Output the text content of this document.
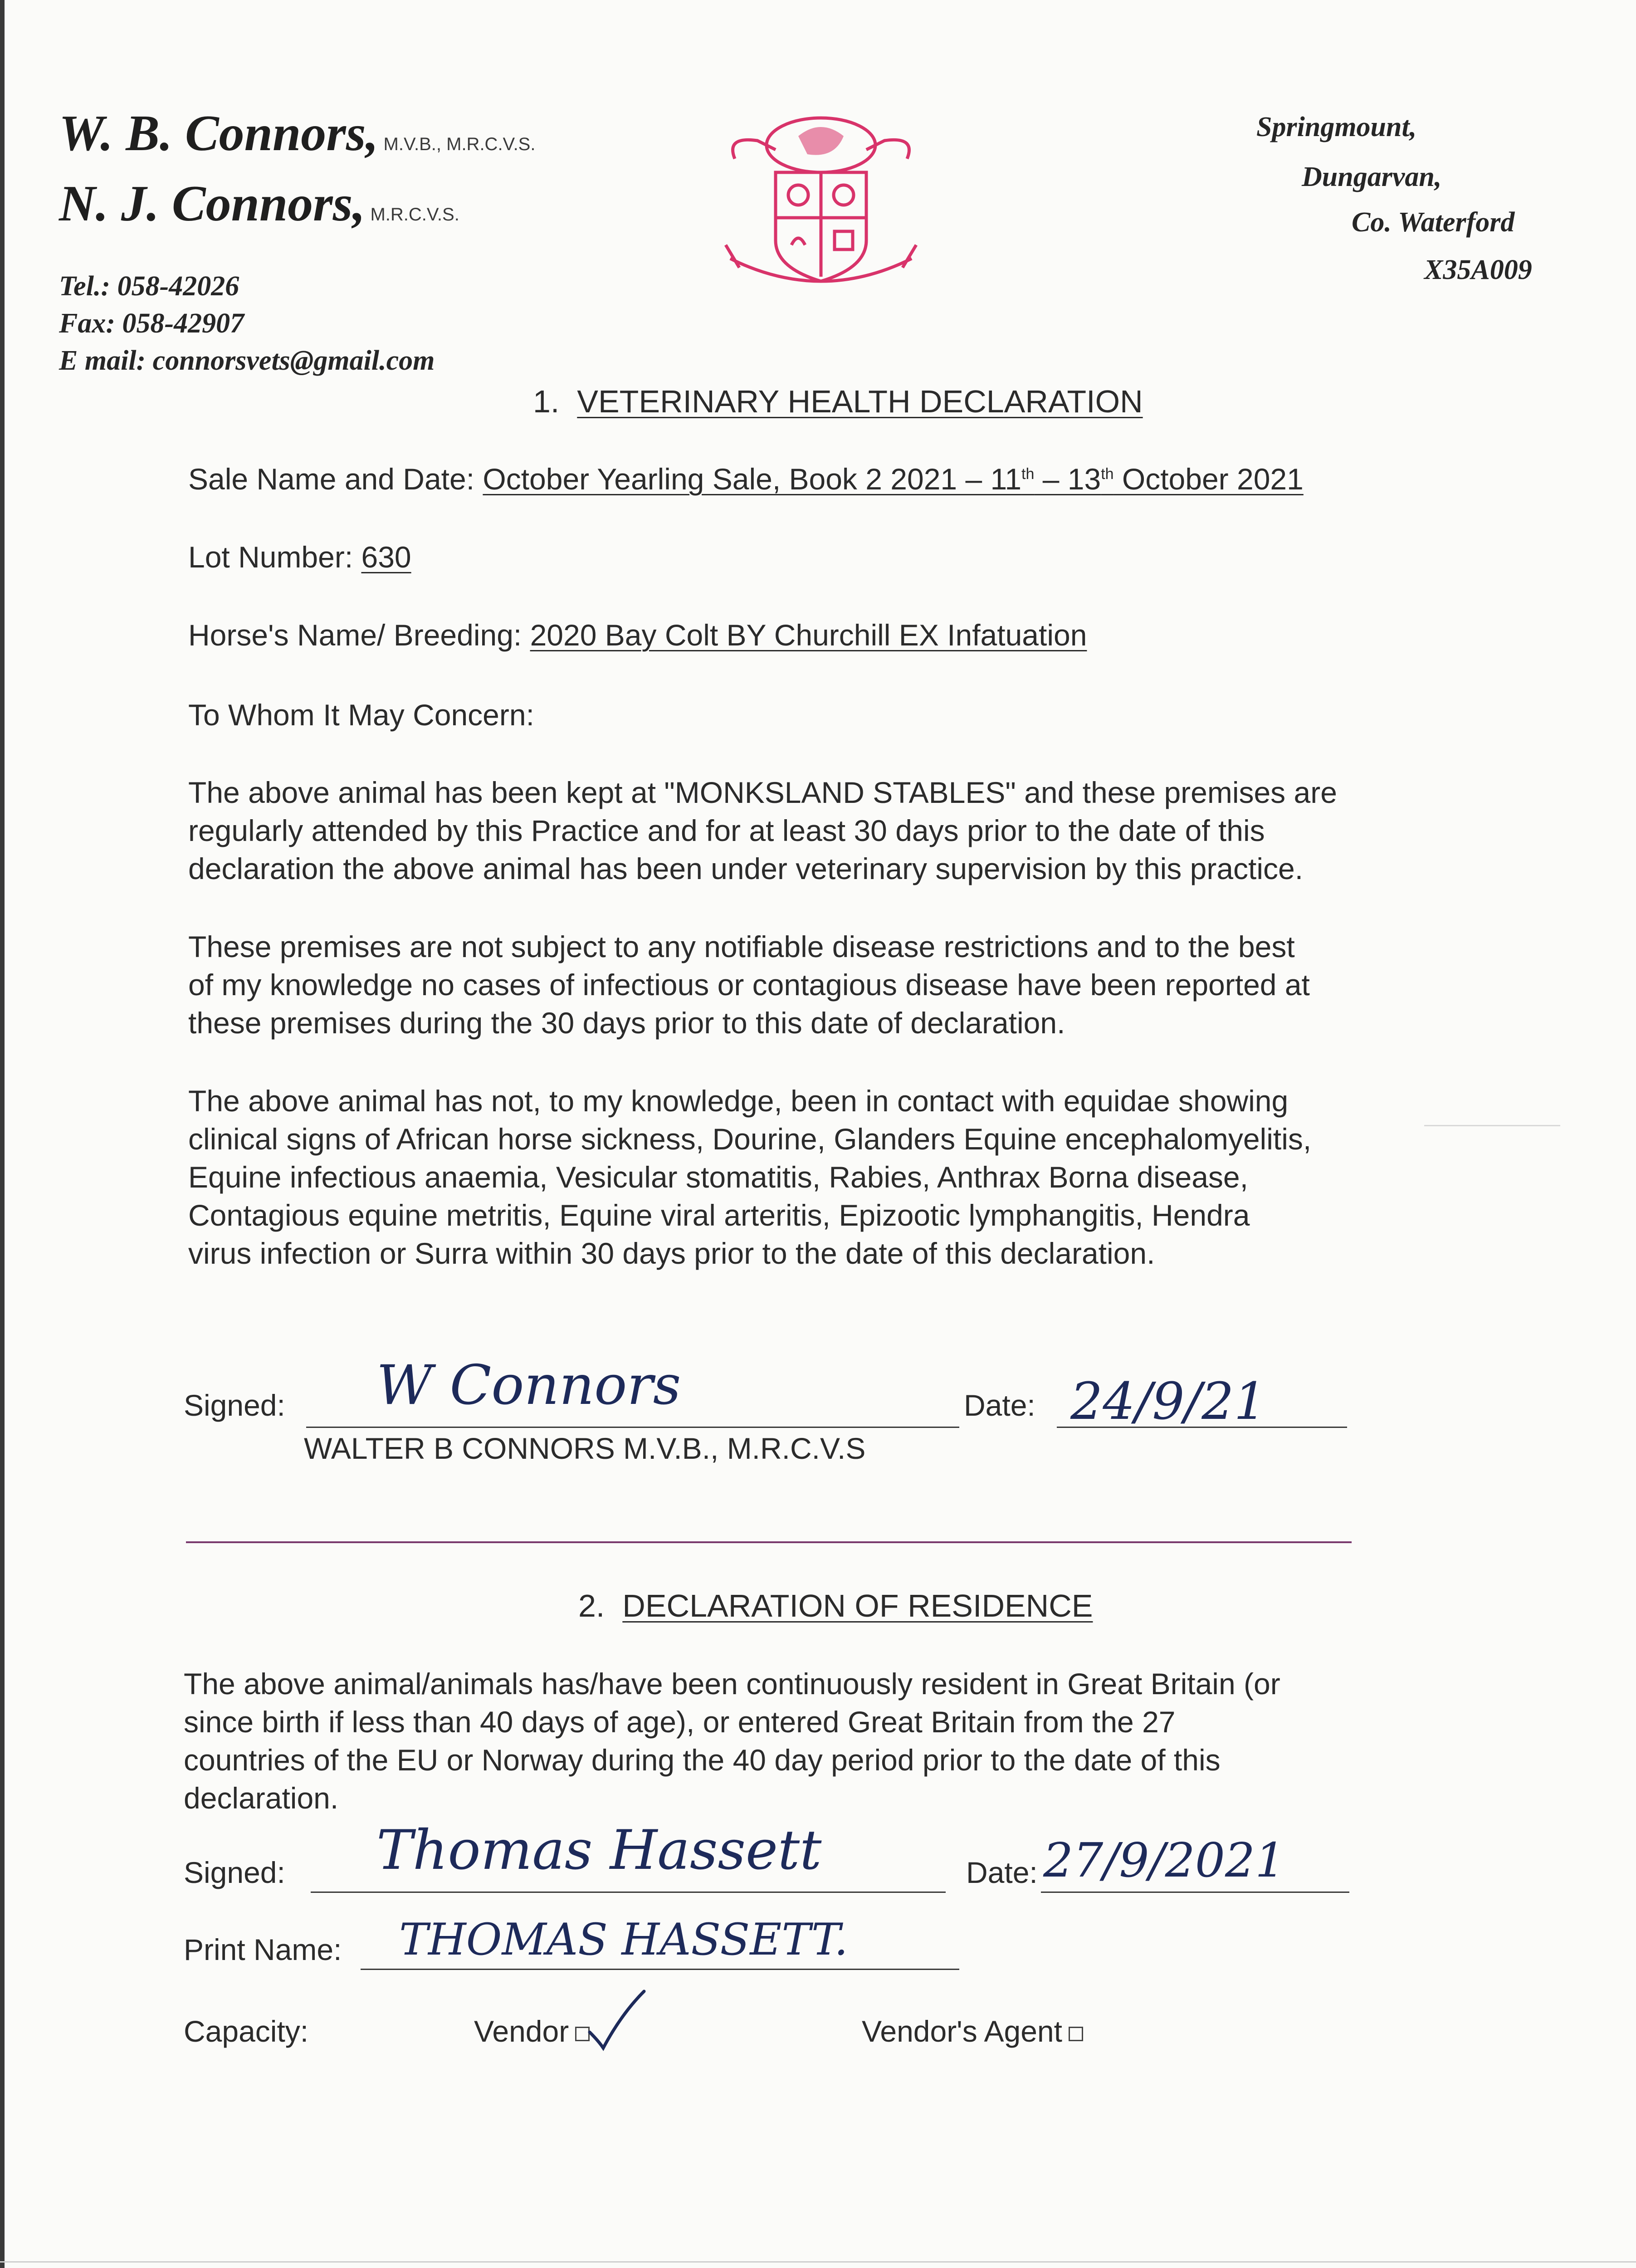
W. B. Connors, M.V.B., M.R.C.V.S.
N. J. Connors, M.R.C.V.S.
Tel.: 058-42026
Fax: 058-42907
E mail: connorsvets@gmail.com
Springmount,
Dungarvan,
Co. Waterford
X35A009
1. VETERINARY HEALTH DECLARATION
Sale Name and Date: October Yearling Sale, Book 2 2021 – 11th – 13th October 2021
Lot Number: 630
Horse's Name/ Breeding: 2020 Bay Colt BY Churchill EX Infatuation
To Whom It May Concern:
The above animal has been kept at "MONKSLAND STABLES" and these premises are
regularly attended by this Practice and for at least 30 days prior to the date of this
declaration the above animal has been under veterinary supervision by this practice.
These premises are not subject to any notifiable disease restrictions and to the best
of my knowledge no cases of infectious or contagious disease have been reported at
these premises during the 30 days prior to this date of declaration.
The above animal has not, to my knowledge, been in contact with equidae showing
clinical signs of African horse sickness, Dourine, Glanders Equine encephalomyelitis,
Equine infectious anaemia, Vesicular stomatitis, Rabies, Anthrax Borna disease,
Contagious equine metritis, Equine viral arteritis, Epizootic lymphangitis, Hendra
virus infection or Surra within 30 days prior to the date of this declaration.
Signed: W Connors	Date: 24/9/21
WALTER B CONNORS M.V.B., M.R.C.V.S
2. DECLARATION OF RESIDENCE
The above animal/animals has/have been continuously resident in Great Britain (or
since birth if less than 40 days of age), or entered Great Britain from the 27
countries of the EU or Norway during the 40 day period prior to the date of this
declaration.
Signed: Thomas Hassett	Date: 27/9/2021
Print Name: THOMAS HASSETT.
Capacity:	Vendor	Vendor's Agent
